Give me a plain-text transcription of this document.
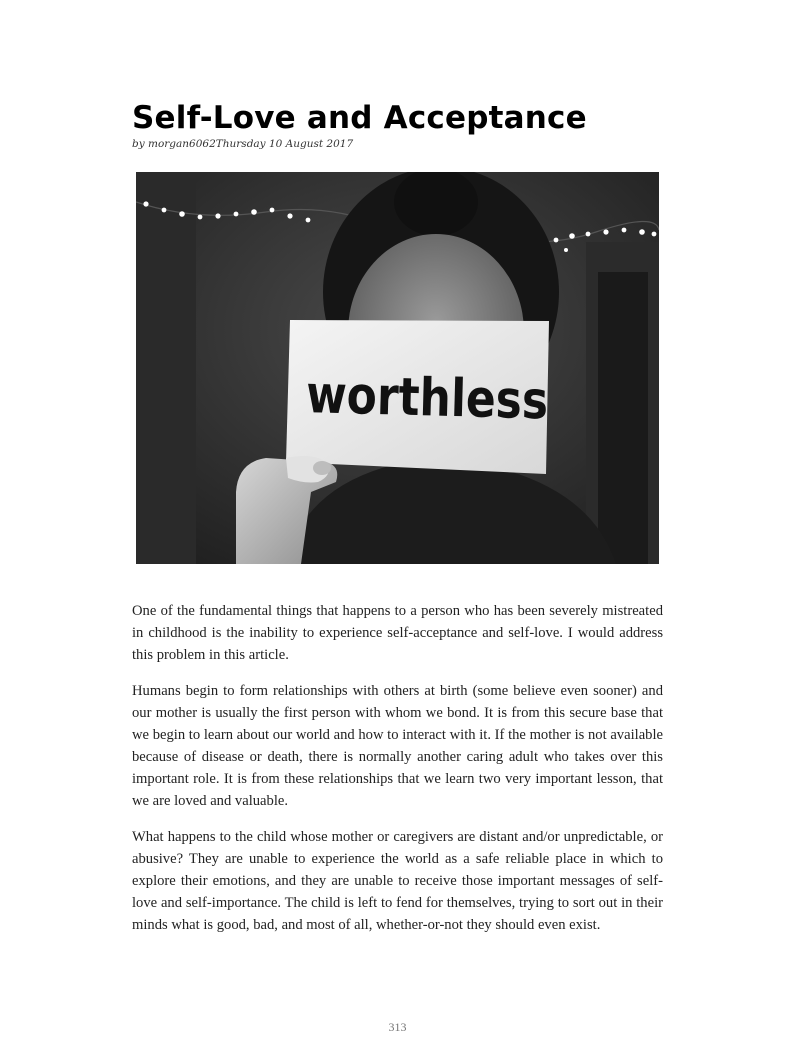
Self-Love and Acceptance
by morgan6062Thursday 10 August 2017
worthless

One of the fundamental things that happens to a person who has been severely mistreated in childhood is the inability to experience self-acceptance and self-love. I would address this problem in this article.

Humans begin to form relationships with others at birth (some believe even sooner) and our mother is usually the first person with whom we bond. It is from this secure base that we begin to learn about our world and how to interact with it. If the mother is not available because of disease or death, there is normally another caring adult who takes over this important role. It is from these relationships that we learn two very important lesson, that we are loved and valuable.

What happens to the child whose mother or caregivers are distant and/or unpredictable, or abusive? They are unable to experience the world as a safe reliable place in which to explore their emotions, and they are unable to receive those important messages of self-love and self-importance. The child is left to fend for themselves, trying to sort out in their minds what is good, bad, and most of all, whether-or-not they should even exist.

313
